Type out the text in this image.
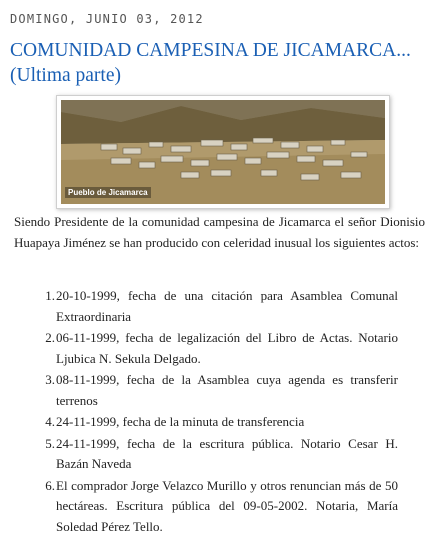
DOMINGO, JUNIO 03, 2012
COMUNIDAD CAMPESINA DE JICAMARCA... (Ultima parte)
Pueblo de Jicamarca

Siendo Presidente de la comunidad campesina de Jicamarca el señor Dionisio Huapaya Jiménez se han producido con celeridad inusual los siguientes actos:

1. 20-10-1999, fecha de una citación para Asamblea Comunal Extraordinaria
2. 06-11-1999, fecha de legalización del Libro de Actas. Notario Ljubica N. Sekula Delgado.
3. 08-11-1999, fecha de la Asamblea cuya agenda es transferir terrenos
4. 24-11-1999, fecha de la minuta de transferencia
5. 24-11-1999, fecha de la escritura pública. Notario Cesar H. Bazán Naveda
6. El comprador Jorge Velazco Murillo y otros renuncian más de 50 hectáreas. Escritura pública del 09-05-2002. Notaria, María Soledad Pérez Tello.
